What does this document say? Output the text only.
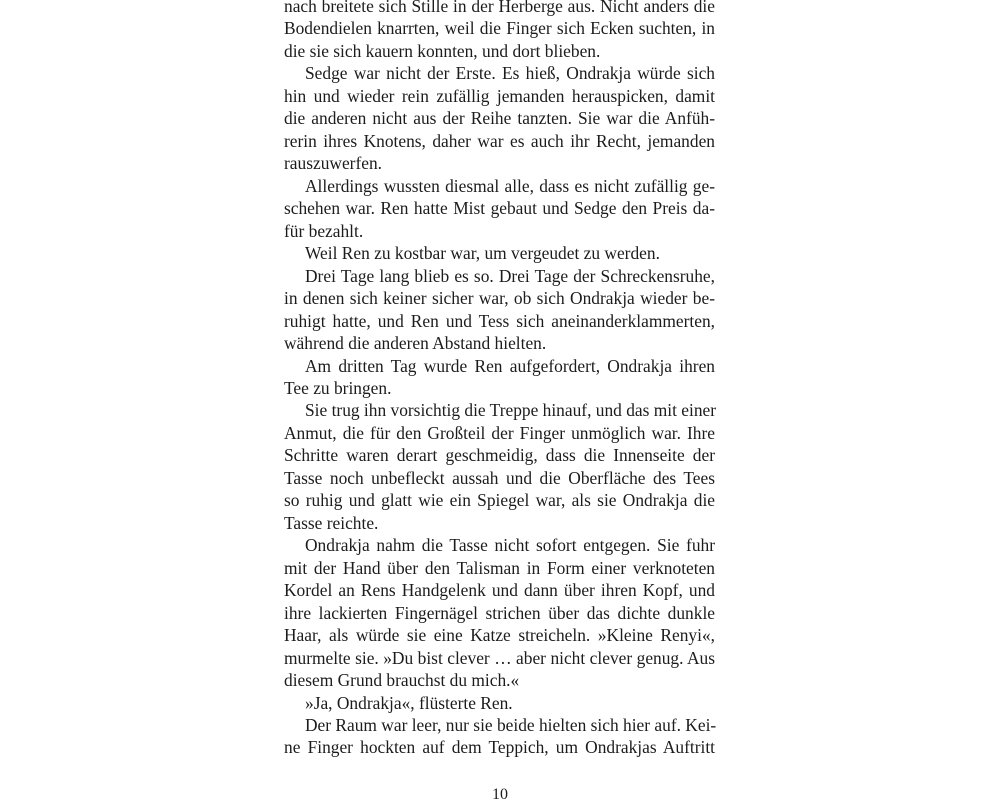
nach breitete sich Stille in der Herberge aus. Nicht anders die
Bodendielen knarrten, weil die Finger sich Ecken suchten, in
die sie sich kauern konnten, und dort blieben.
Sedge war nicht der Erste. Es hieß, Ondrakja würde sich
hin und wieder rein zufällig jemanden herauspicken, damit
die anderen nicht aus der Reihe tanzten. Sie war die Anfüh-
rerin ihres Knotens, daher war es auch ihr Recht, jemanden
rauszuwerfen.
Allerdings wussten diesmal alle, dass es nicht zufällig ge-
schehen war. Ren hatte Mist gebaut und Sedge den Preis da-
für bezahlt.
Weil Ren zu kostbar war, um vergeudet zu werden.
Drei Tage lang blieb es so. Drei Tage der Schreckensruhe,
in denen sich keiner sicher war, ob sich Ondrakja wieder be-
ruhigt hatte, und Ren und Tess sich aneinanderklammerten,
während die anderen Abstand hielten.
Am dritten Tag wurde Ren aufgefordert, Ondrakja ihren
Tee zu bringen.
Sie trug ihn vorsichtig die Treppe hinauf, und das mit einer
Anmut, die für den Großteil der Finger unmöglich war. Ihre
Schritte waren derart geschmeidig, dass die Innenseite der
Tasse noch unbefleckt aussah und die Oberfläche des Tees
so ruhig und glatt wie ein Spiegel war, als sie Ondrakja die
Tasse reichte.
Ondrakja nahm die Tasse nicht sofort entgegen. Sie fuhr
mit der Hand über den Talisman in Form einer verknoteten
Kordel an Rens Handgelenk und dann über ihren Kopf, und
ihre lackierten Fingernägel strichen über das dichte dunkle
Haar, als würde sie eine Katze streicheln. »Kleine Renyi«,
murmelte sie. »Du bist clever … aber nicht clever genug. Aus
diesem Grund brauchst du mich.«
»Ja, Ondrakja«, flüsterte Ren.
Der Raum war leer, nur sie beide hielten sich hier auf. Kei-
ne Finger hockten auf dem Teppich, um Ondrakjas Auftritt
10
